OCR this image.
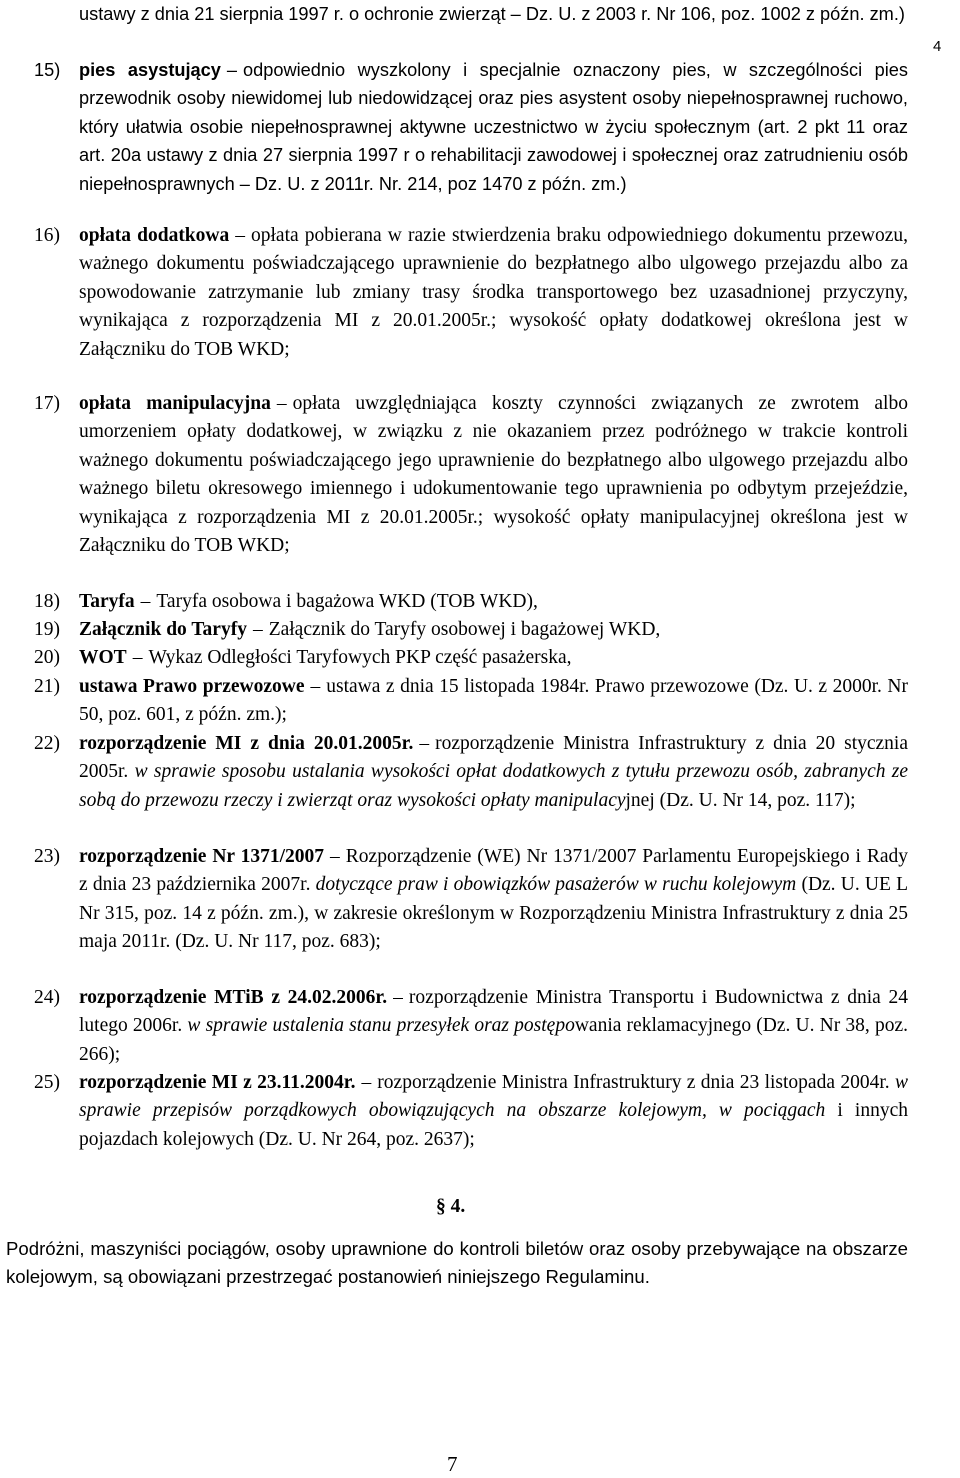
ustawy z dnia 21 sierpnia 1997 r. o ochronie zwierząt – Dz. U. z 2003 r. Nr 106, poz. 1002 z późn. zm.)
4
15)	pies asystujący – odpowiednio wyszkolony i specjalnie oznaczony pies, w szczególności pies przewodnik osoby niewidomej lub niedowidzącej oraz pies asystent osoby niepełnosprawnej ruchowo, który ułatwia osobie niepełnosprawnej aktywne uczestnictwo w życiu społecznym (art. 2 pkt 11 oraz art. 20a ustawy z dnia 27 sierpnia 1997 r o rehabilitacji zawodowej i społecznej oraz zatrudnieniu osób niepełnosprawnych – Dz. U. z 2011r. Nr. 214, poz 1470 z późn. zm.)
16) opłata dodatkowa – opłata pobierana w razie stwierdzenia braku odpowiedniego dokumentu przewozu, ważnego dokumentu poświadczającego uprawnienie do bezpłatnego albo ulgowego przejazdu albo za spowodowanie zatrzymanie lub zmiany trasy środka transportowego bez uzasadnionej przyczyny, wynikająca z rozporządzenia MI z 20.01.2005r.; wysokość opłaty dodatkowej określona jest w Załączniku do TOB WKD;
17) opłata manipulacyjna – opłata uwzględniająca koszty czynności związanych ze zwrotem albo umorzeniem opłaty dodatkowej, w związku z nie okazaniem przez podróżnego w trakcie kontroli ważnego dokumentu poświadczającego jego uprawnienie do bezpłatnego albo ulgowego przejazdu albo ważnego biletu okresowego imiennego i udokumentowanie tego uprawnienia po odbytym przejeździe, wynikająca z rozporządzenia MI z 20.01.2005r.; wysokość opłaty manipulacyjnej określona jest w Załączniku do TOB WKD;
18) Taryfa – Taryfa osobowa i bagażowa WKD (TOB WKD),
19) Załącznik do Taryfy – Załącznik do Taryfy osobowej i bagażowej WKD,
20) WOT – Wykaz Odległości Taryfowych PKP część pasażerska,
21) ustawa Prawo przewozowe – ustawa z dnia 15 listopada 1984r. Prawo przewozowe (Dz. U. z 2000r. Nr 50, poz. 601, z późn. zm.);
22) rozporządzenie MI z dnia 20.01.2005r. – rozporządzenie Ministra Infrastruktury z dnia 20 stycznia 2005r. w sprawie sposobu ustalania wysokości opłat dodatkowych z tytułu przewozu osób, zabranych ze sobą do przewozu rzeczy i zwierząt oraz wysokości opłaty manipulacyjnej (Dz. U. Nr 14, poz. 117);
23) rozporządzenie Nr 1371/2007 – Rozporządzenie (WE) Nr 1371/2007 Parlamentu Europejskiego i Rady z dnia 23 października 2007r. dotyczące praw i obowiązków pasażerów w ruchu kolejowym (Dz. U. UE L Nr 315, poz. 14 z późn. zm.), w zakresie określonym w Rozporządzeniu Ministra Infrastruktury z dnia 25 maja 2011r. (Dz. U. Nr 117, poz. 683);
24) rozporządzenie MTiB z 24.02.2006r. – rozporządzenie Ministra Transportu i Budownictwa z dnia 24 lutego 2006r. w sprawie ustalenia stanu przesyłek oraz postępowania reklamacyjnego (Dz. U. Nr 38, poz. 266);
25) rozporządzenie MI z 23.11.2004r. – rozporządzenie Ministra Infrastruktury z dnia 23 listopada 2004r. w sprawie przepisów porządkowych obowiązujących na obszarze kolejowym, w pociągach i innych pojazdach kolejowych (Dz. U. Nr 264, poz. 2637);
§ 4.
Podróżni, maszyniści pociągów, osoby uprawnione do kontroli biletów oraz osoby przebywające na obszarze kolejowym, są obowiązani przestrzegać postanowień niniejszego Regulaminu.
7
